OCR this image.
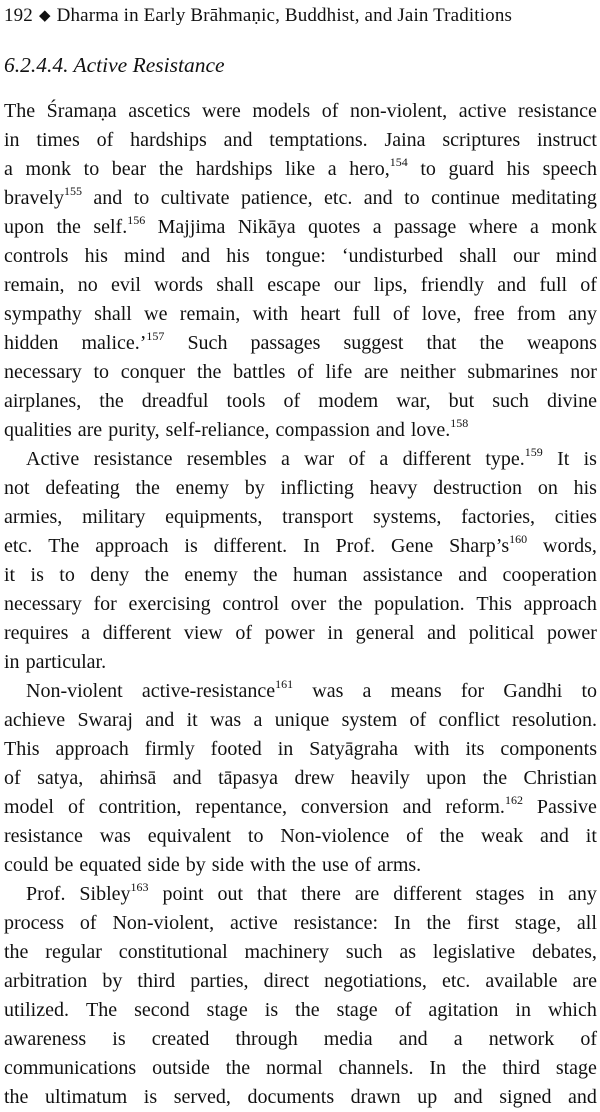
192 ◆ Dharma in Early Brāhmaṇic, Buddhist, and Jain Traditions
6.2.4.4. Active Resistance
The Śramaṇa ascetics were models of non-violent, active resistance
in times of hardships and temptations. Jaina scriptures instruct
a monk to bear the hardships like a hero,$^{154}$ to guard his speech
bravely$^{155}$ and to cultivate patience, etc. and to continue meditating
upon the self.$^{156}$ Majjima Nikāya quotes a passage where a monk
controls his mind and his tongue: ‘undisturbed shall our mind
remain, no evil words shall escape our lips, friendly and full of
sympathy shall we remain, with heart full of love, free from any
hidden malice.’$^{157}$ Such passages suggest that the weapons
necessary to conquer the battles of life are neither submarines nor
airplanes, the dreadful tools of modem war, but such divine
qualities are purity, self-reliance, compassion and love.$^{158}$
Active resistance resembles a war of a different type.$^{159}$ It is
not defeating the enemy by inflicting heavy destruction on his
armies, military equipments, transport systems, factories, cities
etc. The approach is different. In Prof. Gene $Sharp’s^{160}$ words,
it is to deny the enemy the human assistance and cooperation
necessary for exercising control over the population. This approach
requires a different view of power in general and political power
in particular.
Non-violent active-resistance$^{161}$ was a means for Gandhi to
achieve Swaraj and it was a unique system of conflict resolution.
This approach firmly footed in Satyāgraha with its components
of satya, ahiṁsā and tāpasya drew heavily upon the Christian
model of contrition, repentance, conversion and reform.$^{162}$ Passive
resistance was equivalent to Non-violence of the weak and it
could be equated side by side with the use of arms.
Prof. Sibley$^{163}$ point out that there are different stages in any
process of Non-violent, active resistance: In the first stage, all
the regular constitutional machinery such as legislative debates,
arbitration by third parties, direct negotiations, etc. available are
utilized. The second stage is the stage of agitation in which
awareness is created through media and a network of
communications outside the normal channels. In the third stage
the ultimatum is served, documents drawn up and signed and
